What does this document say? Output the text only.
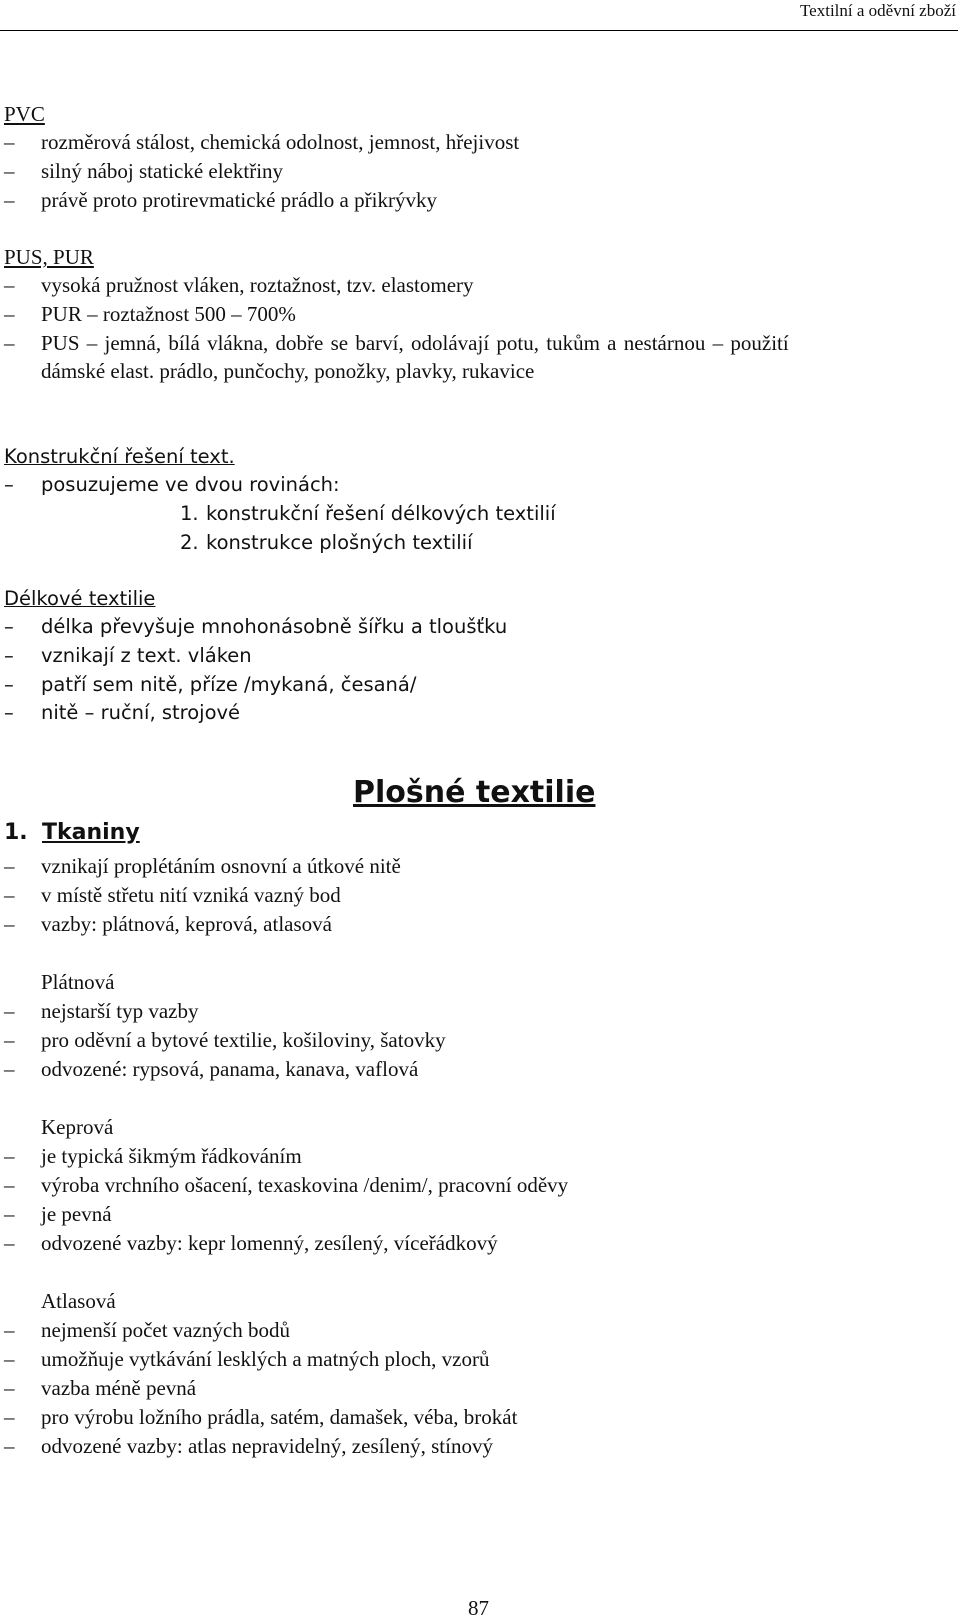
Textilní a oděvní zboží
PVC
– rozměrová stálost, chemická odolnost, jemnost, hřejivost
– silný náboj statické elektřiny
– právě proto protirevmatické prádlo a přikrývky
PUS, PUR
– vysoká pružnost vláken, roztažnost, tzv. elastomery
– PUR – roztažnost 500 – 700%
– PUS – jemná, bílá vlákna, dobře se barví, odolávají potu, tukům a nestárnou – použití
dámské elast. prádlo, punčochy, ponožky, plavky, rukavice
Konstrukční řešení text.
– posuzujeme ve dvou rovinách:
1. konstrukční řešení délkových textilií
2. konstrukce plošných textilií
Délkové textilie
– délka převyšuje mnohonásobně šířku a tloušťku
– vznikají z text. vláken
– patří sem nitě, příze /mykaná, česaná/
– nitě – ruční, strojové
Plošné textilie
1. Tkaniny
– vznikají proplétáním osnovní a útkové nitě
– v místě střetu nití vzniká vazný bod
– vazby: plátnová, keprová, atlasová
Plátnová
– nejstarší typ vazby
– pro oděvní a bytové textilie, košiloviny, šatovky
– odvozené: rypsová, panama, kanava, vaflová
Keprová
– je typická šikmým řádkováním
– výroba vrchního ošacení, texaskovina /denim/, pracovní oděvy
– je pevná
– odvozené vazby: kepr lomenný, zesílený, víceřádkový
Atlasová
– nejmenší počet vazných bodů
– umožňuje vytkávání lesklých a matných ploch, vzorů
– vazba méně pevná
– pro výrobu ložního prádla, satém, damašek, véba, brokát
– odvozené vazby: atlas nepravidelný, zesílený, stínový
87
